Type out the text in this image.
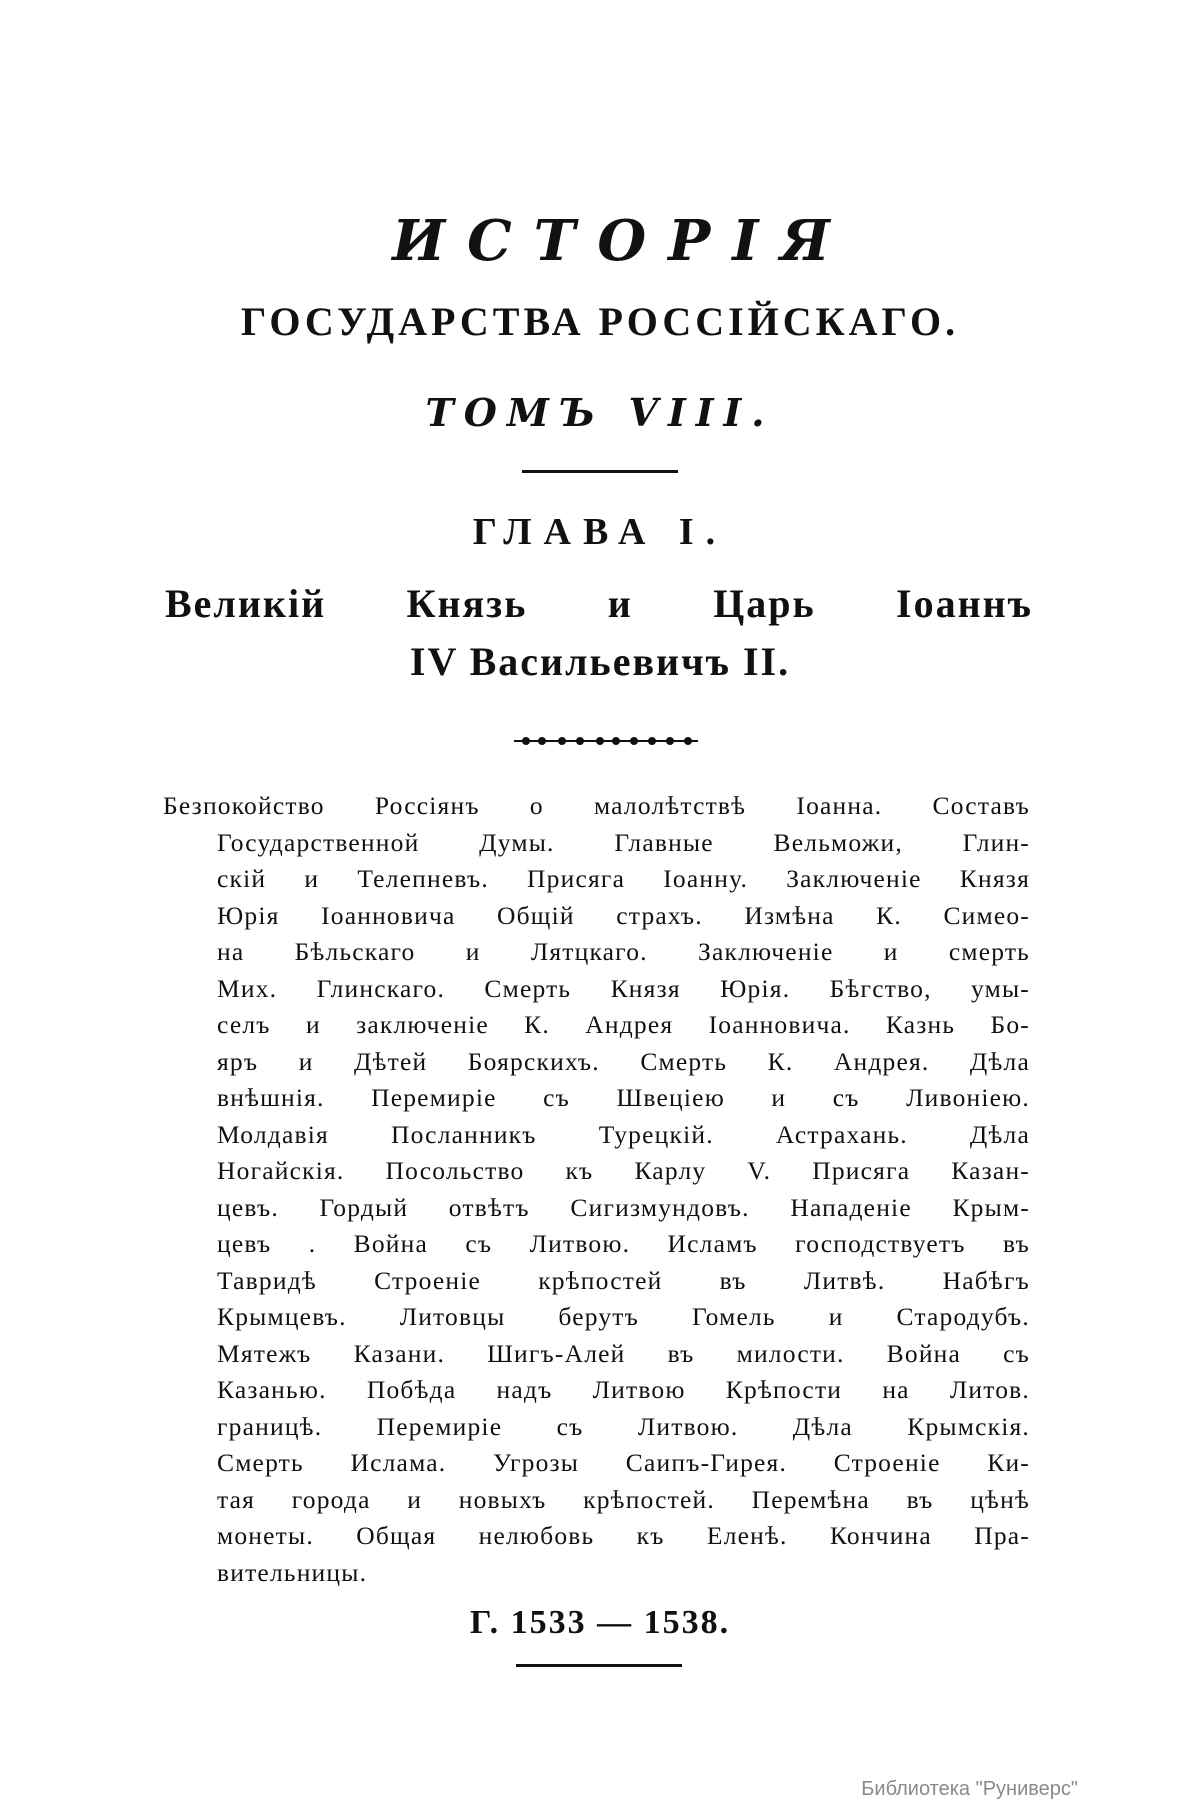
ИСТОРІЯ
ГОСУДАРСТВА РОССІЙСКАГО.
ТОМЪ VIII.
ГЛАВА I.
Великій Князь и Царь Іоаннъ
IV Васильевичъ II.
Безпокойство Россіянъ о малолѣтствѣ Іоанна. Составъ
Государственной Думы. Главные Вельможи, Глин-
скій и Телепневъ. Присяга Іоанну. Заключеніе Князя
Юрія Іоанновича Общій страхъ. Измѣна К. Симео-
на Бѣльскаго и Лятцкаго. Заключеніе и смерть
Мих. Глинскаго. Смерть Князя Юрія. Бѣгство, умы-
селъ и заключеніе К. Андрея Іоанновича. Казнь Бо-
яръ и Дѣтей Боярскихъ. Смерть К. Андрея. Дѣла
внѣшнія. Перемиріе съ Швеціею и съ Ливоніею.
Молдавія Посланникъ Турецкій. Астрахань. Дѣла
Ногайскія. Посольство къ Карлу V. Присяга Казан-
цевъ. Гордый отвѣтъ Сигизмундовъ. Нападеніе Крым-
цевъ . Война съ Литвою. Исламъ господствуетъ въ
Тавридѣ Строеніе крѣпостей въ Литвѣ. Набѣгъ
Крымцевъ. Литовцы берутъ Гомель и Стародубъ.
Мятежъ Казани. Шигъ-Алей въ милости. Война съ
Казанью. Побѣда надъ Литвою Крѣпости на Литов.
границѣ. Перемиріе съ Литвою. Дѣла Крымскія.
Смерть Ислама. Угрозы Саипъ-Гирея. Строеніе Ки-
тая города и новыхъ крѣпостей. Перемѣна въ цѣнѣ
монеты. Общая нелюбовь къ Еленѣ. Кончина Пра-
вительницы.
Г. 1533 — 1538.
Библиотека "Руниверс"
